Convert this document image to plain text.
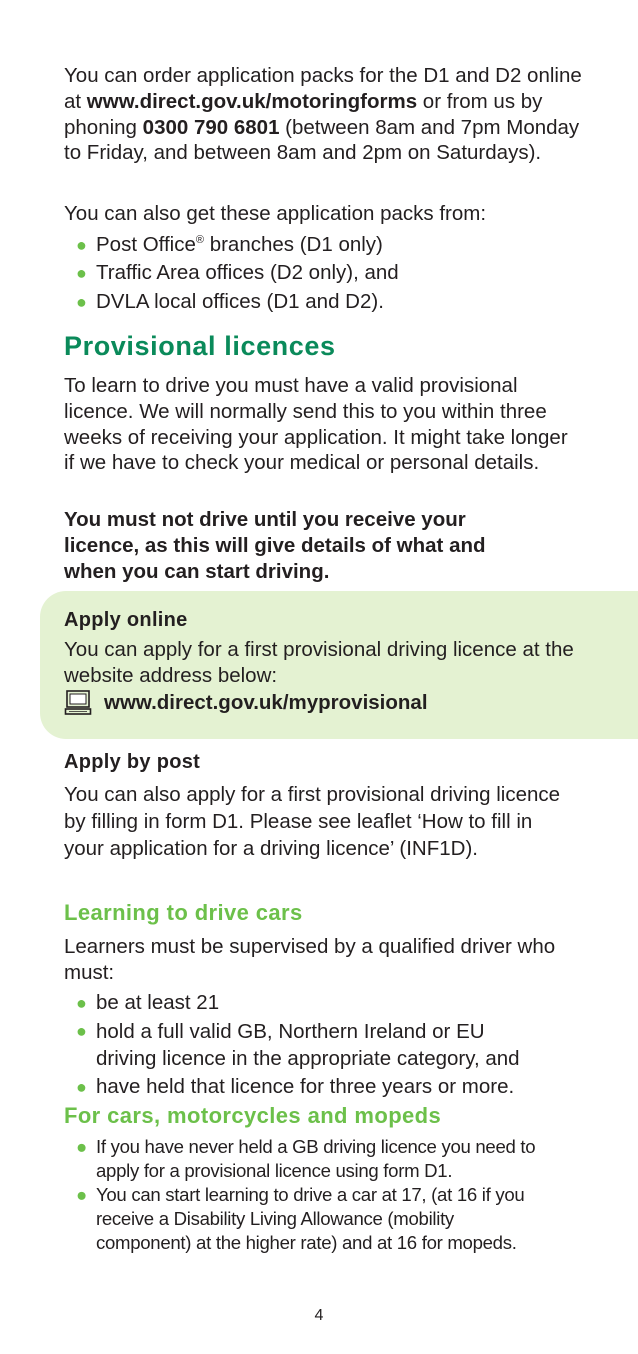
You can order application packs for the D1 and D2 online at www.direct.gov.uk/motoringforms or from us by phoning 0300 790 6801 (between 8am and 7pm Monday to Friday, and between 8am and 2pm on Saturdays).

You can also get these application packs from:

● Post Office® branches (D1 only)
● Traffic Area offices (D2 only), and
● DVLA local offices (D1 and D2).
Provisional licences

To learn to drive you must have a valid provisional licence. We will normally send this to you within three weeks of receiving your application. It might take longer if we have to check your medical or personal details.

You must not drive until you receive your licence, as this will give details of what and when you can start driving.

Apply online

You can apply for a first provisional driving licence at the website address below:

www.direct.gov.uk/myprovisional
Apply by post

You can also apply for a first provisional driving licence by filling in form D1. Please see leaflet ‘How to fill in your application for a driving licence’ (INF1D).

Learning to drive cars

Learners must be supervised by a qualified driver who must:

● be at least 21
● hold a full valid GB, Northern Ireland or EU driving licence in the appropriate category, and
● have held that licence for three years or more.
For cars, motorcycles and mopeds
● If you have never held a GB driving licence you need to apply for a provisional licence using form D1.
● You can start learning to drive a car at 17, (at 16 if you receive a Disability Living Allowance (mobility component) at the higher rate) and at 16 for mopeds.
4
